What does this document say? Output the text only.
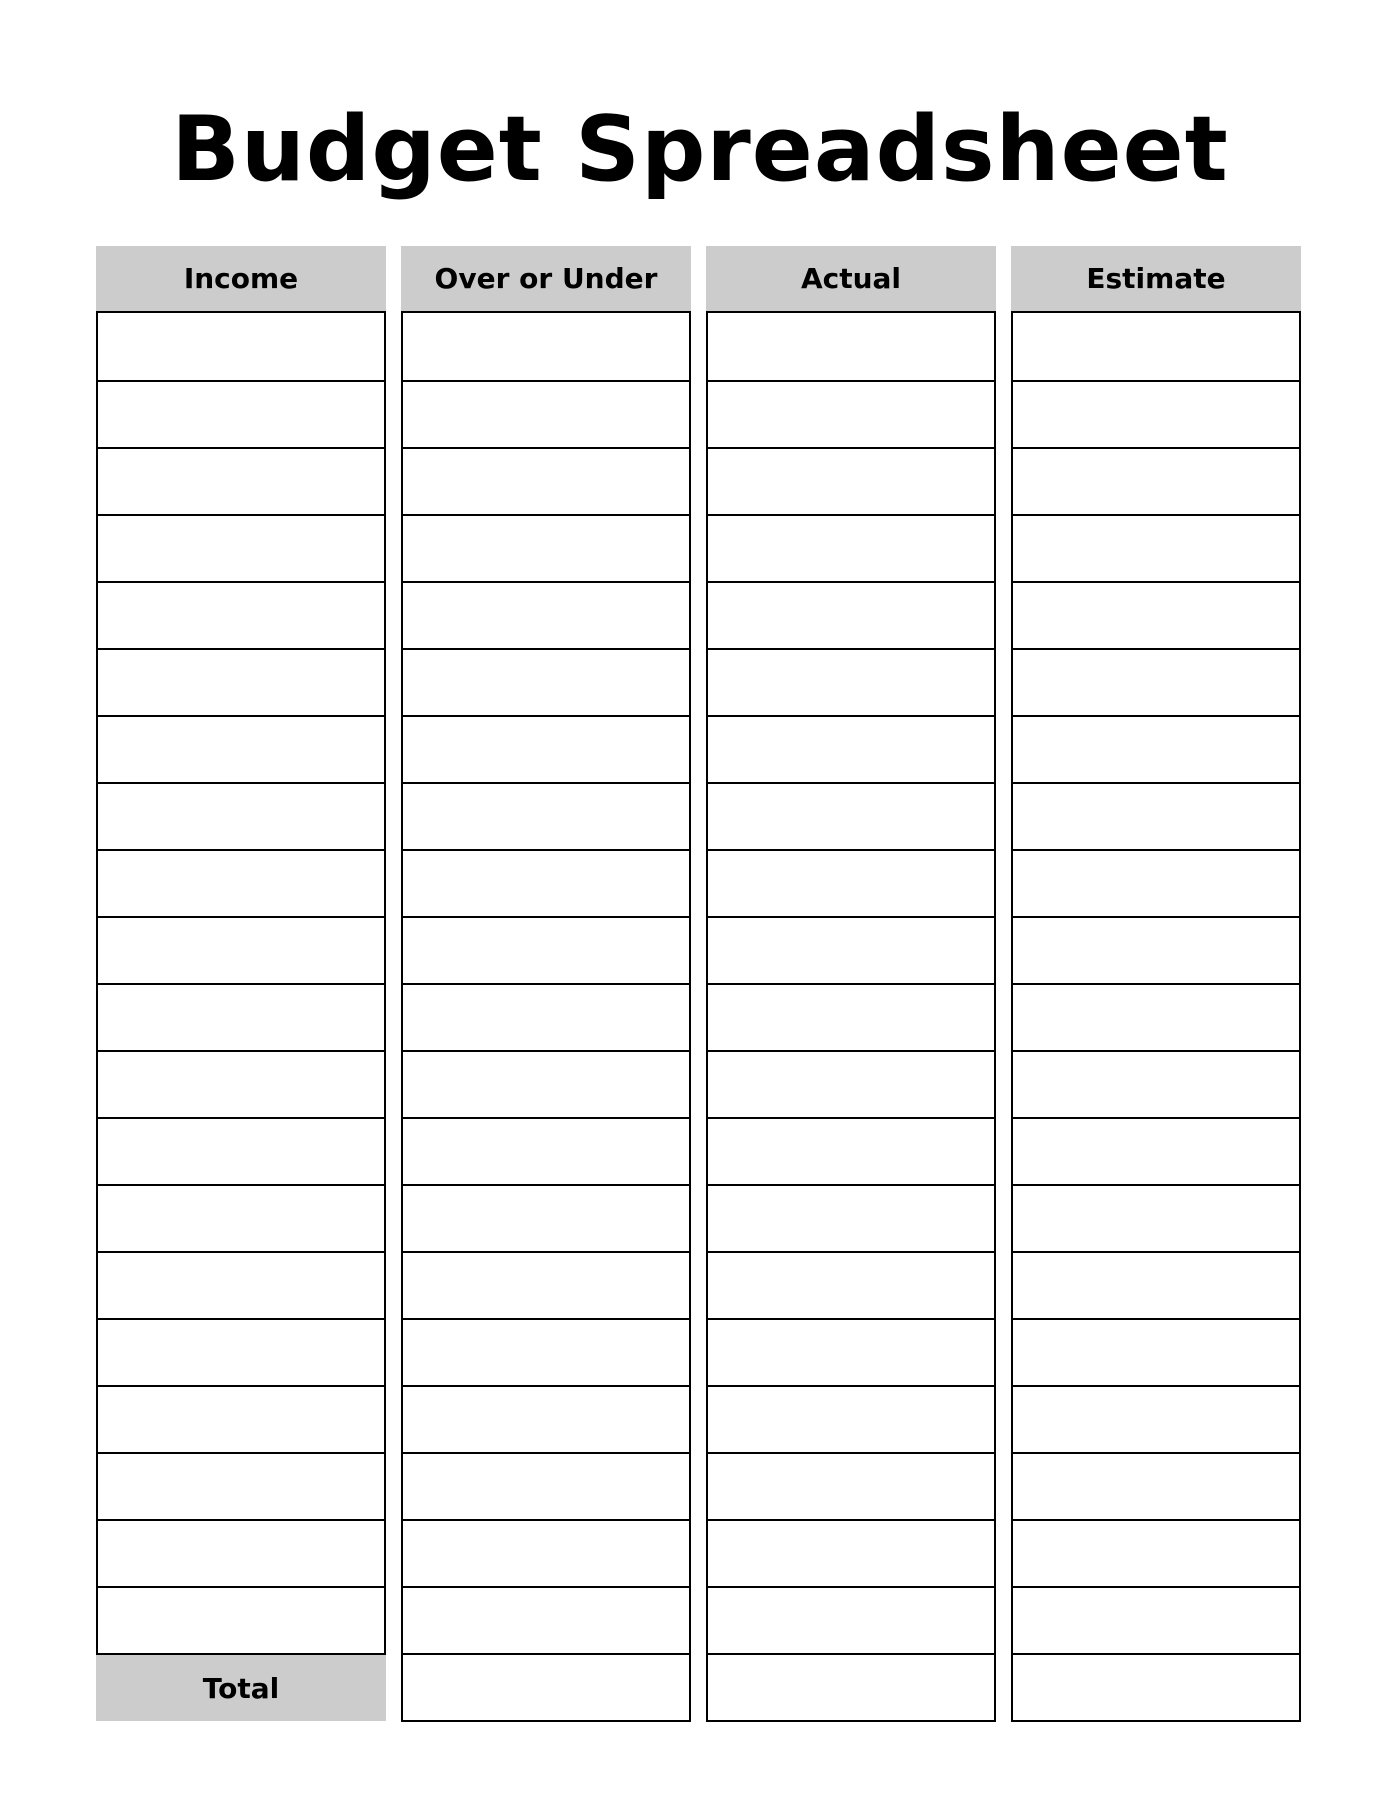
Budget Spreadsheet
Income
Total
Over or Under	Actual	Estimate
